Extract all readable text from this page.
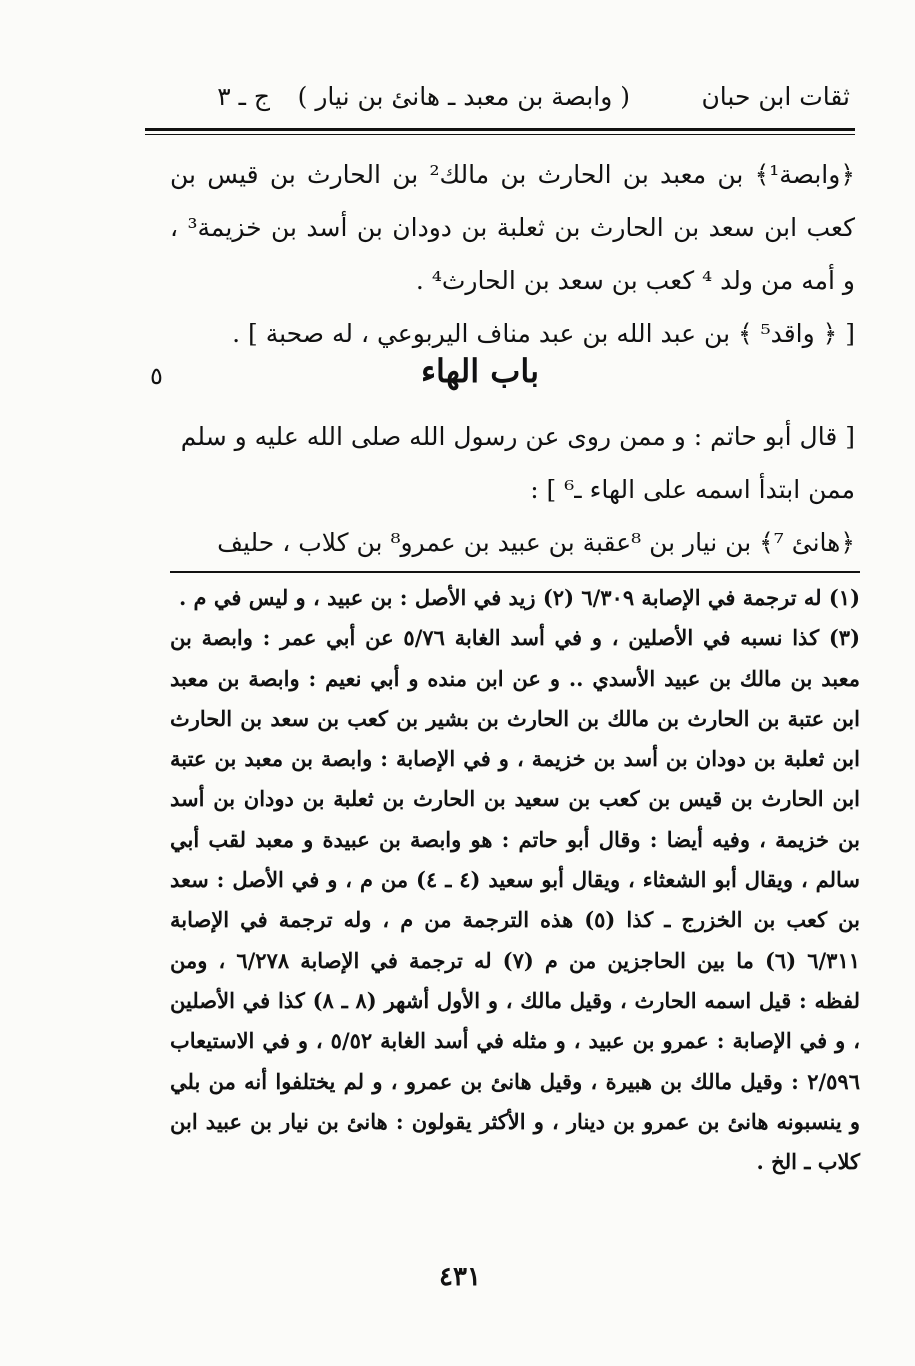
ثقات ابن حبان
( وابصة بن معبد ـ هانئ بن نيار )
ج ـ ٣

﴿وابصة¹﴾ بن معبد بن الحارث بن مالك² بن الحارث بن قيس بن كعب ابن سعد بن الحارث بن ثعلبة بن دودان بن أسد بن خزيمة³ ، و أمه من ولد ⁴ كعب بن سعد بن الحارث⁴ .

[ ﴿ واقد⁵ ﴾ بن عبد الله بن عبد مناف اليربوعي ، له صحبة ] .

باب الهاء
٥

[ قال أبو حاتم : و ممن روى عن رسول الله صلى الله عليه و سلم

ممن ابتدأ اسمه على الهاء ـ⁶ ] :

﴿هانئ ⁷﴾ بن نيار بن ⁸عقبة بن عبيد بن عمرو⁸ بن كلاب ، حليف

(١) له ترجمة في الإصابة ٦/٣٠٩ (٢) زيد في الأصل : بن عبيد ، و ليس في م .

(٣) كذا نسبه في الأصلين ، و في أسد الغابة ٥/٧٦ عن أبي عمر : وابصة بن معبد بن مالك بن عبيد الأسدي .. و عن ابن منده و أبي نعيم : وابصة بن معبد ابن عتبة بن الحارث بن مالك بن الحارث بن بشير بن كعب بن سعد بن الحارث ابن ثعلبة بن دودان بن أسد بن خزيمة ، و في الإصابة : وابصة بن معبد بن عتبة ابن الحارث بن قيس بن كعب بن سعيد بن الحارث بن ثعلبة بن دودان بن أسد بن خزيمة ، وفيه أيضا : وقال أبو حاتم : هو وابصة بن عبيدة و معبد لقب أبي سالم ، ويقال أبو الشعثاء ، ويقال أبو سعيد (٤ ـ ٤) من م ، و في الأصل : سعد بن كعب بن الخزرج ـ كذا (٥) هذه الترجمة من م ، وله ترجمة في الإصابة ٦/٣١١ (٦) ما بين الحاجزين من م (٧) له ترجمة في الإصابة ٦/٢٧٨ ، ومن لفظه : قيل اسمه الحارث ، وقيل مالك ، و الأول أشهر (٨ ـ ٨) كذا في الأصلين ، و في الإصابة : عمرو بن عبيد ، و مثله في أسد الغابة ٥/٥٢ ، و في الاستيعاب ٢/٥٩٦ : وقيل مالك بن هبيرة ، وقيل هانئ بن عمرو ، و لم يختلفوا أنه من بلي و ينسبونه هانئ بن عمرو بن دينار ، و الأكثر يقولون : هانئ بن نيار بن عبيد ابن كلاب ـ الخ .

٤٣١
